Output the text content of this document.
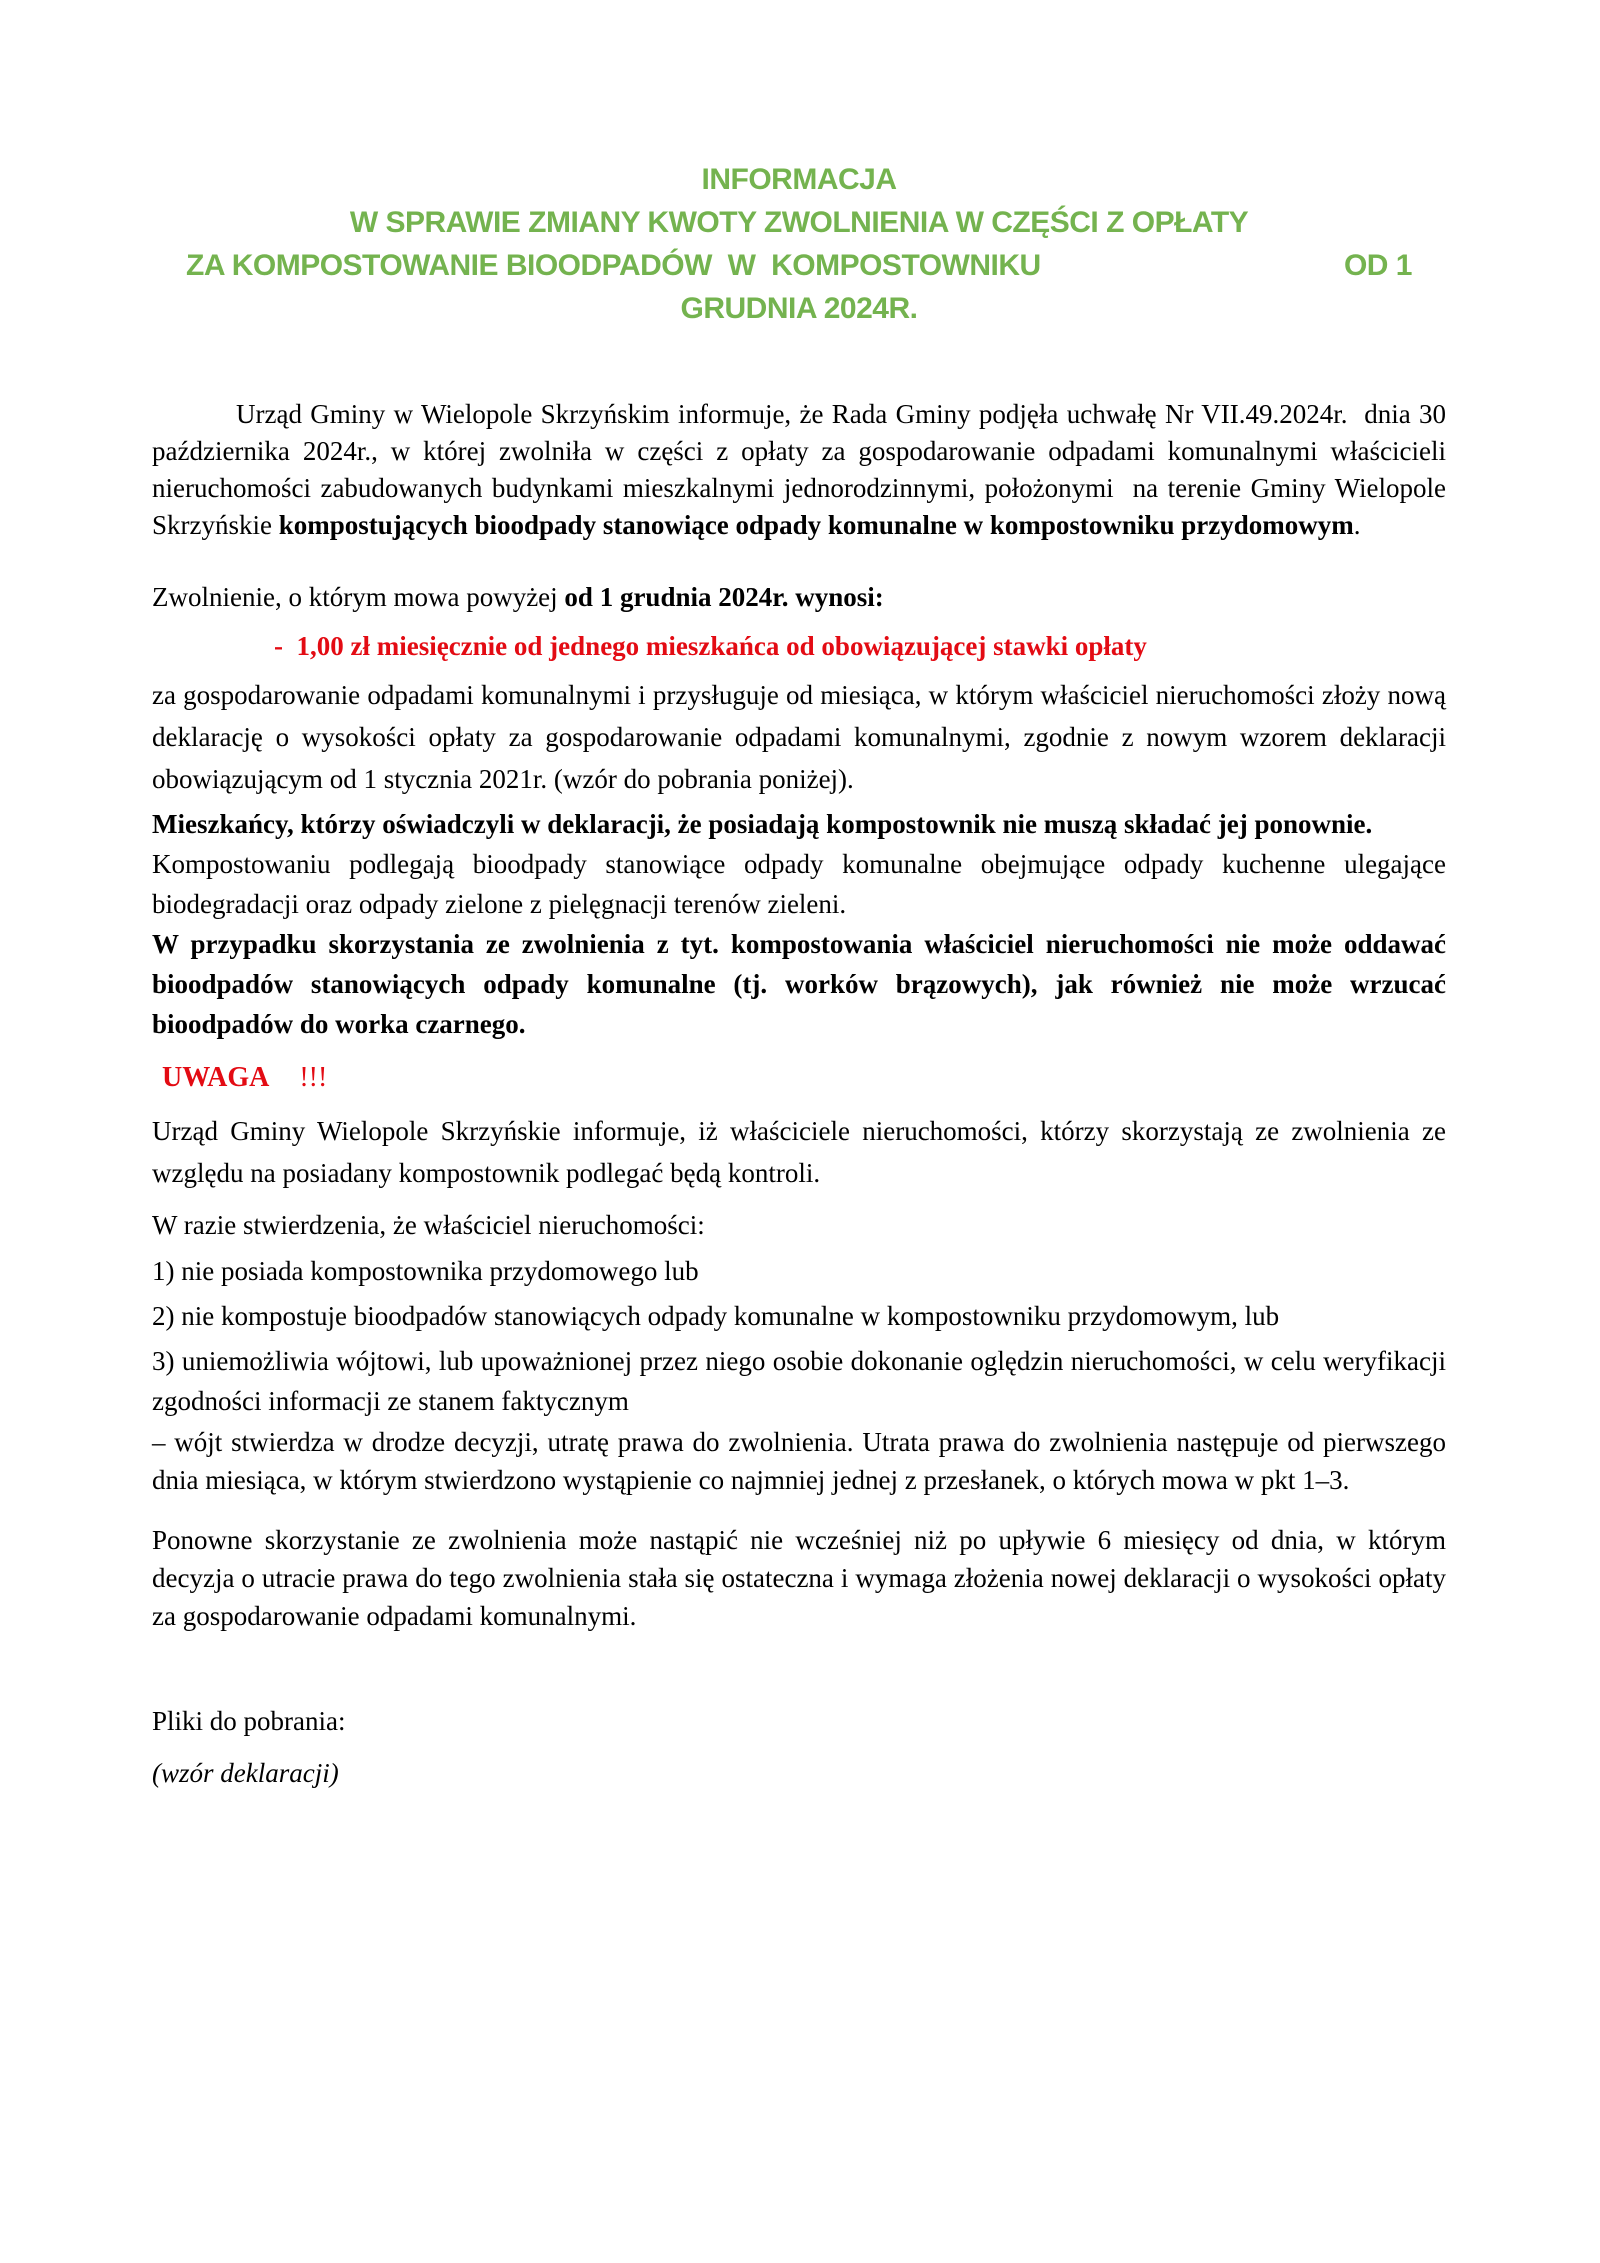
INFORMACJA

W SPRAWIE ZMIANY KWOTY ZWOLNIENIA W CZĘŚCI Z OPŁATY

ZA KOMPOSTOWANIE BIOODPADÓW  W  KOMPOSTOWNIKU	OD 1

GRUDNIA 2024R.

Urząd Gminy w Wielopole Skrzyńskim informuje, że Rada Gminy podjęła uchwałę Nr VII.49.2024r.  dnia 30 października 2024r., w której zwolniła w części z opłaty za gospodarowanie odpadami komunalnymi właścicieli nieruchomości zabudowanych budynkami mieszkalnymi jednorodzinnymi, położonymi  na terenie Gminy Wielopole Skrzyńskie kompostujących bioodpady stanowiące odpady komunalne w kompostowniku przydomowym.

Zwolnienie, o którym mowa powyżej od 1 grudnia 2024r. wynosi:

-  1,00 zł miesięcznie od jednego mieszkańca od obowiązującej stawki opłaty

za gospodarowanie odpadami komunalnymi i przysługuje od miesiąca, w którym właściciel nieruchomości złoży nową deklarację o wysokości opłaty za gospodarowanie odpadami komunalnymi, zgodnie z nowym wzorem deklaracji obowiązującym od 1 stycznia 2021r. (wzór do pobrania poniżej).

Mieszkańcy, którzy oświadczyli w deklaracji, że posiadają kompostownik nie muszą składać jej ponownie.

Kompostowaniu podlegają bioodpady stanowiące odpady komunalne obejmujące odpady kuchenne ulegające biodegradacji oraz odpady zielone z pielęgnacji terenów zieleni.

W przypadku skorzystania ze zwolnienia z tyt. kompostowania właściciel nieruchomości nie może oddawać bioodpadów stanowiących odpady komunalne (tj. worków brązowych), jak również nie może wrzucać bioodpadów do worka czarnego.

UWAGA !!!

Urząd Gminy Wielopole Skrzyńskie informuje, iż właściciele nieruchomości, którzy skorzystają ze zwolnienia ze względu na posiadany kompostownik podlegać będą kontroli.

W razie stwierdzenia, że właściciel nieruchomości:

1) nie posiada kompostownika przydomowego lub

2) nie kompostuje bioodpadów stanowiących odpady komunalne w kompostowniku przydomowym, lub

3) uniemożliwia wójtowi, lub upoważnionej przez niego osobie dokonanie oględzin nieruchomości, w celu weryfikacji zgodności informacji ze stanem faktycznym

– wójt stwierdza w drodze decyzji, utratę prawa do zwolnienia. Utrata prawa do zwolnienia następuje od pierwszego dnia miesiąca, w którym stwierdzono wystąpienie co najmniej jednej z przesłanek, o których mowa w pkt 1–3.

Ponowne skorzystanie ze zwolnienia może nastąpić nie wcześniej niż po upływie 6 miesięcy od dnia, w którym decyzja o utracie prawa do tego zwolnienia stała się ostateczna i wymaga złożenia nowej deklaracji o wysokości opłaty za gospodarowanie odpadami komunalnymi.

Pliki do pobrania:

(wzór deklaracji)
